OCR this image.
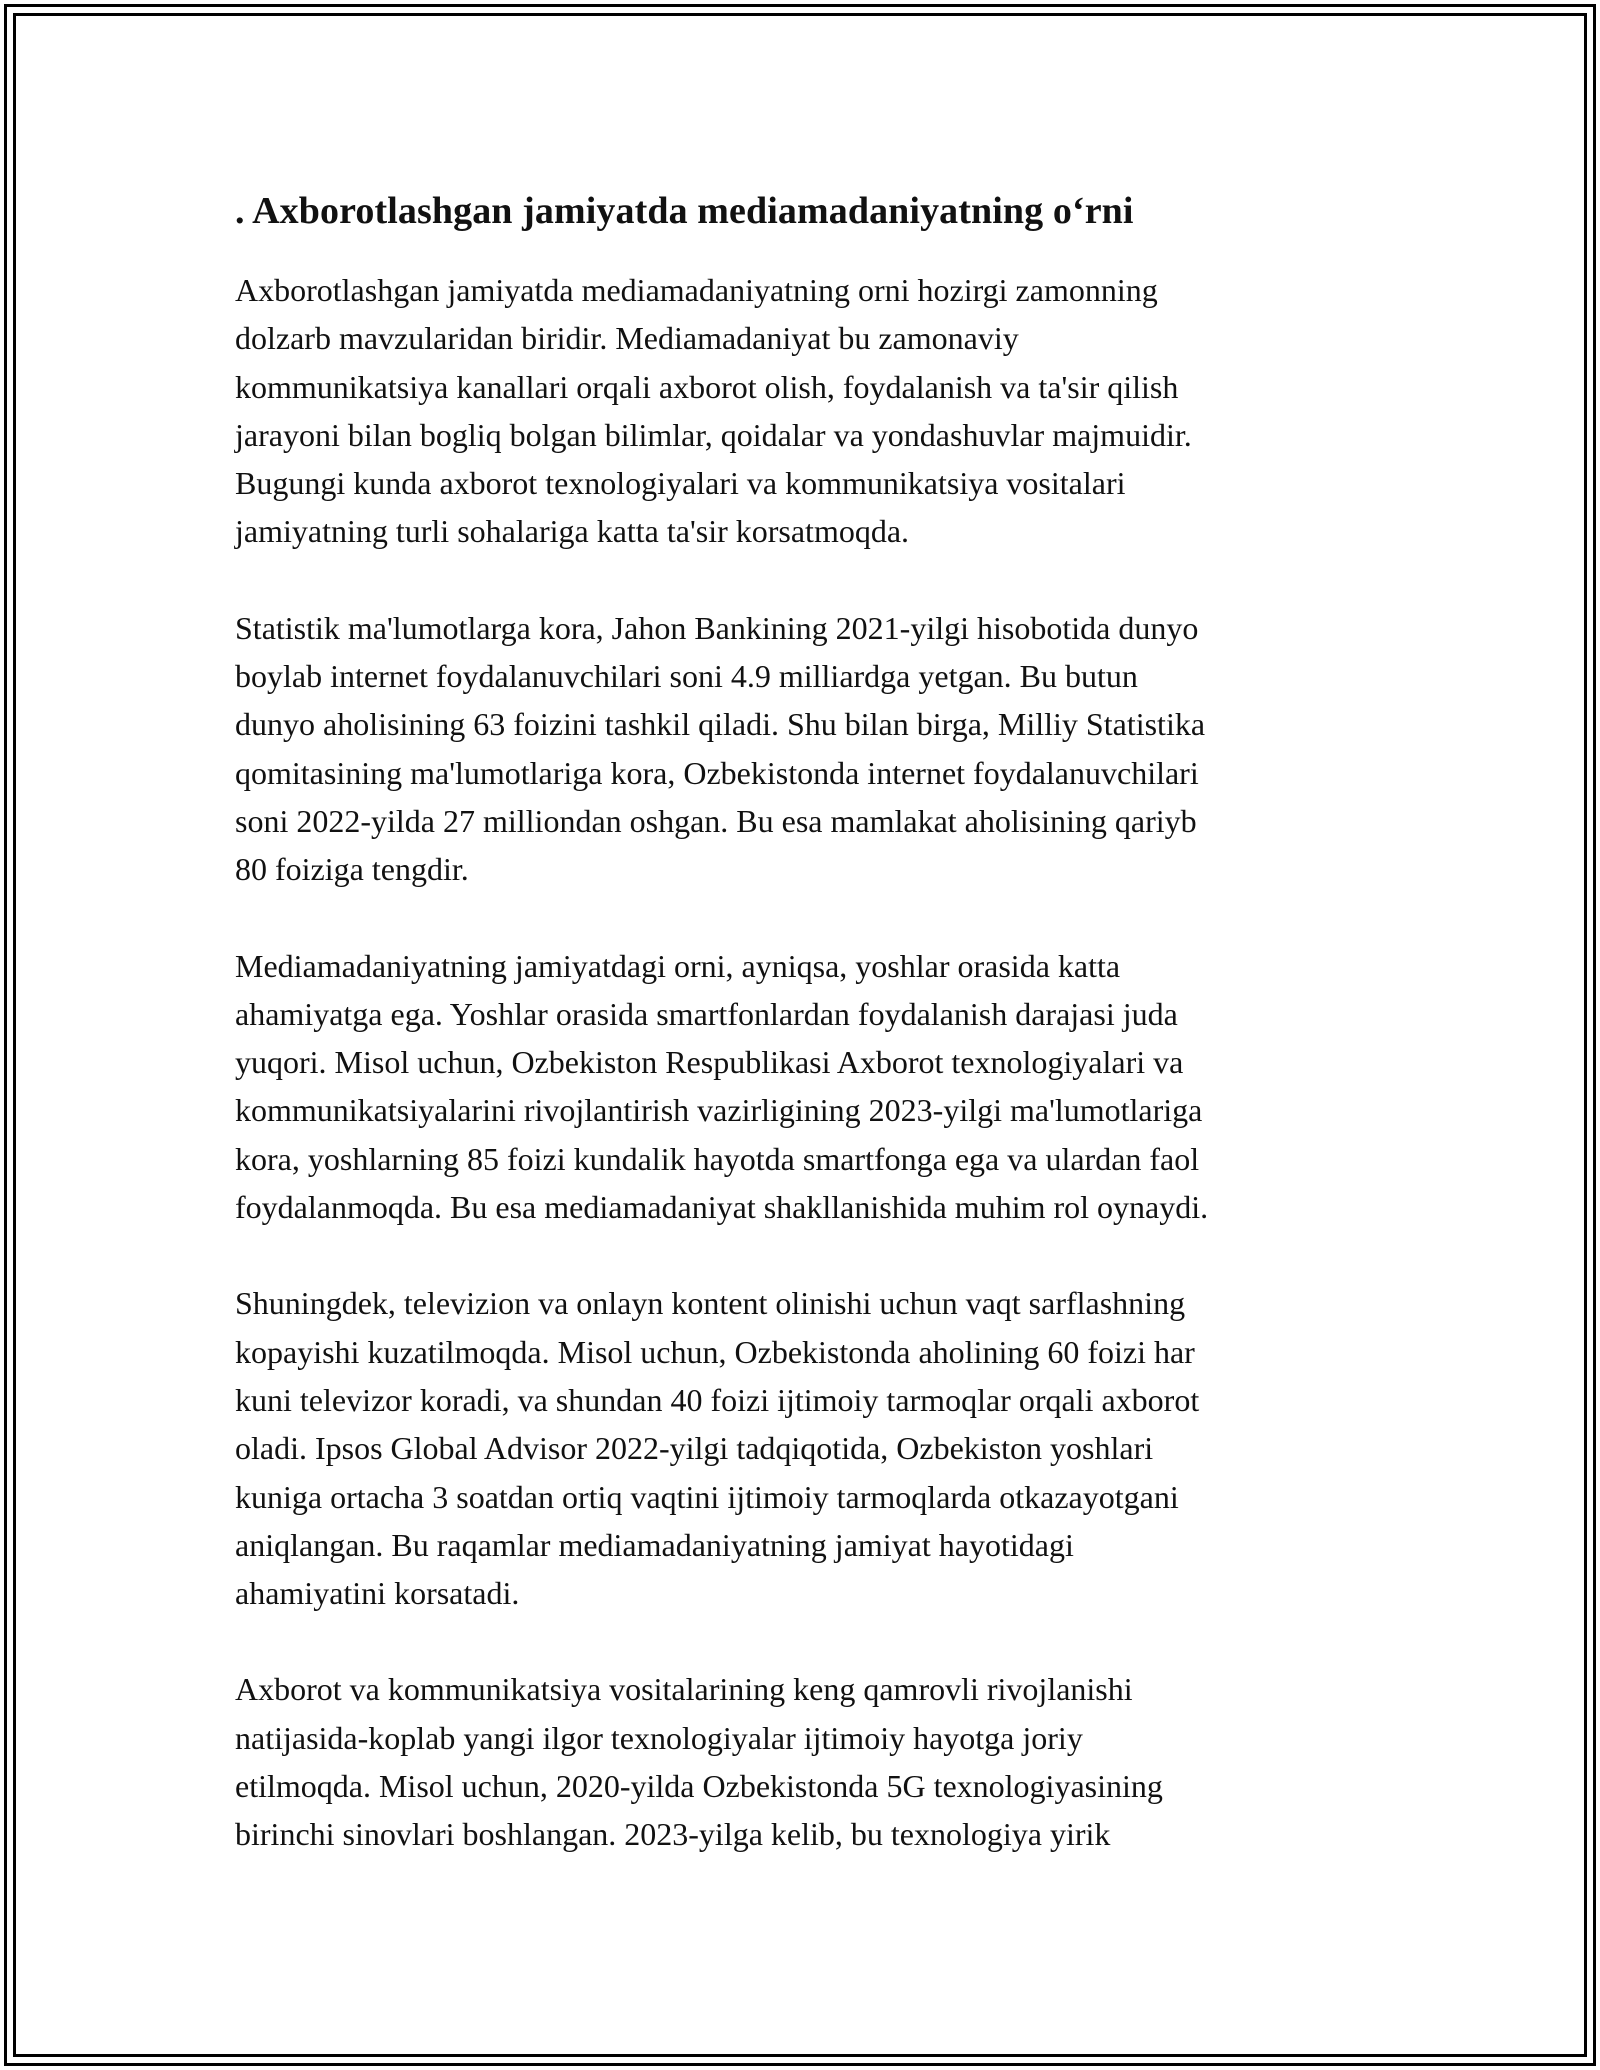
. Axborotlashgan jamiyatda mediamadaniyatning o‘rni
Axborotlashgan jamiyatda mediamadaniyatning orni hozirgi zamonning
dolzarb mavzularidan biridir. Mediamadaniyat bu zamonaviy
kommunikatsiya kanallari orqali axborot olish, foydalanish va ta'sir qilish
jarayoni bilan bogliq bolgan bilimlar, qoidalar va yondashuvlar majmuidir.
Bugungi kunda axborot texnologiyalari va kommunikatsiya vositalari
jamiyatning turli sohalariga katta ta'sir korsatmoqda.
Statistik ma'lumotlarga kora, Jahon Bankining 2021-yilgi hisobotida dunyo
boylab internet foydalanuvchilari soni 4.9 milliardga yetgan. Bu butun
dunyo aholisining 63 foizini tashkil qiladi. Shu bilan birga, Milliy Statistika
qomitasining ma'lumotlariga kora, Ozbekistonda internet foydalanuvchilari
soni 2022-yilda 27 milliondan oshgan. Bu esa mamlakat aholisining qariyb
80 foiziga tengdir.
Mediamadaniyatning jamiyatdagi orni, ayniqsa, yoshlar orasida katta
ahamiyatga ega. Yoshlar orasida smartfonlardan foydalanish darajasi juda
yuqori. Misol uchun, Ozbekiston Respublikasi Axborot texnologiyalari va
kommunikatsiyalarini rivojlantirish vazirligining 2023-yilgi ma'lumotlariga
kora, yoshlarning 85 foizi kundalik hayotda smartfonga ega va ulardan faol
foydalanmoqda. Bu esa mediamadaniyat shakllanishida muhim rol oynaydi.
Shuningdek, televizion va onlayn kontent olinishi uchun vaqt sarflashning
kopayishi kuzatilmoqda. Misol uchun, Ozbekistonda aholining 60 foizi har
kuni televizor koradi, va shundan 40 foizi ijtimoiy tarmoqlar orqali axborot
oladi. Ipsos Global Advisor 2022-yilgi tadqiqotida, Ozbekiston yoshlari
kuniga ortacha 3 soatdan ortiq vaqtini ijtimoiy tarmoqlarda otkazayotgani
aniqlangan. Bu raqamlar mediamadaniyatning jamiyat hayotidagi
ahamiyatini korsatadi.
Axborot va kommunikatsiya vositalarining keng qamrovli rivojlanishi
natijasida-koplab yangi ilgor texnologiyalar ijtimoiy hayotga joriy
etilmoqda. Misol uchun, 2020-yilda Ozbekistonda 5G texnologiyasining
birinchi sinovlari boshlangan. 2023-yilga kelib, bu texnologiya yirik
